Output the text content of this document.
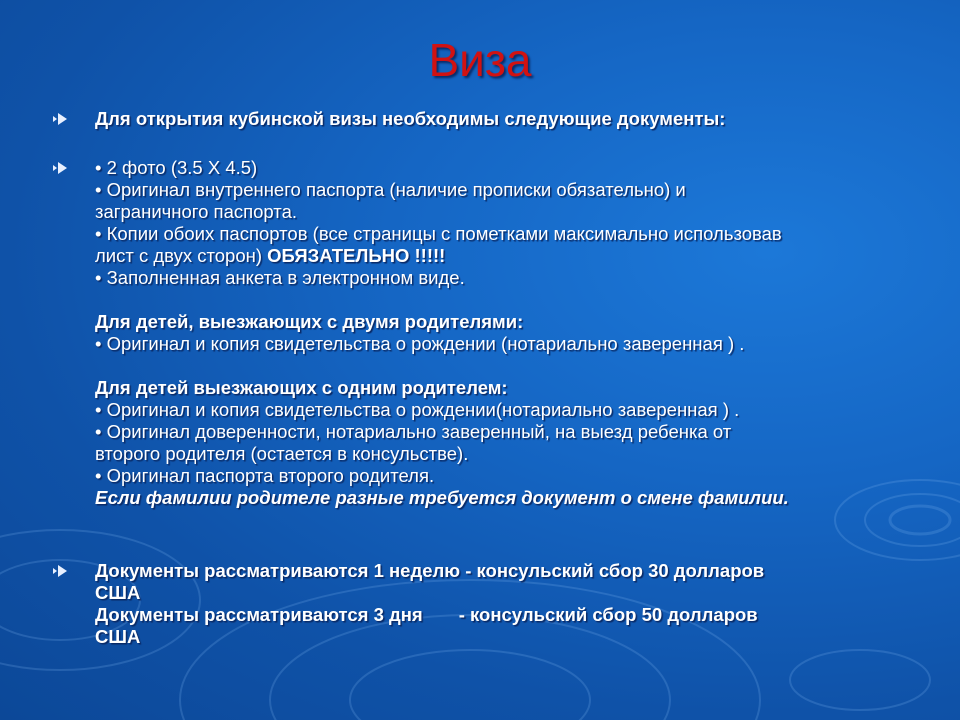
Виза
Для открытия кубинской визы необходимы следующие документы:
• 2 фото (3.5 Х 4.5)
• Оригинал внутреннего паспорта (наличие прописки обязательно) и
заграничного паспорта.
• Копии обоих паспортов (все страницы с пометками максимально использовав
лист с двух сторон) ОБЯЗАТЕЛЬНО !!!!!
• Заполненная анкета в электронном виде.
Для детей, выезжающих с двумя родителями:
• Оригинал и копия свидетельства о рождении (нотариально заверенная ) .
Для детей выезжающих с одним родителем:
• Оригинал и копия свидетельства о рождении(нотариально заверенная ) .
• Оригинал доверенности, нотариально заверенный, на выезд ребенка от
второго родителя (остается в консульстве).
• Оригинал паспорта второго родителя.
Если фамилии родителе разные требуется документ о смене фамилии.
Документы рассматриваются 1 неделю - консульский сбор 30 долларов
США
Документы рассматриваются 3 дня       - консульский сбор 50 долларов
США
